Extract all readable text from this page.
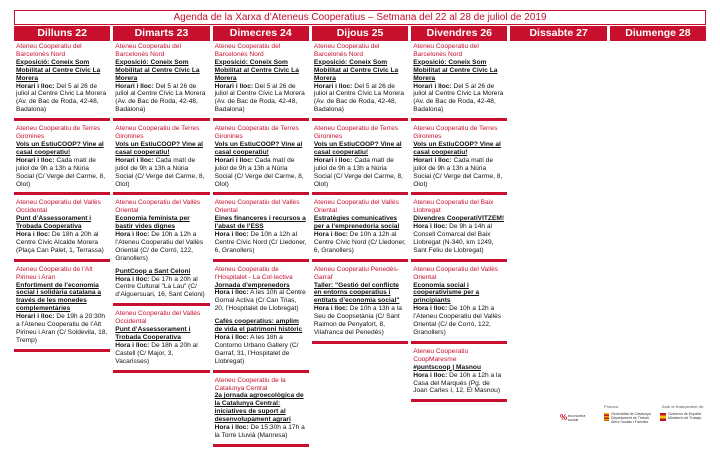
Agenda de la Xarxa d’Ateneus Cooperatius – Setmana del 22 al 28 de juliol de 2019
Dilluns 22
Ateneu Cooperatiu del Barcelonès Nord
Exposició: Coneix Som Mobilitat al Centre Cívic La Morera
Horari i lloc: Del 5 al 26 de juliol al Centre Cívic La Morera (Av. de Bac de Roda, 42-48, Badalona)
Ateneu Cooperatiu de Terres Gironines
Vols un EstiuCOOP? Vine al casal cooperatiu!
Horari i lloc: Cada matí de juliol de 9h a 13h a Núria Social (C/ Verge del Carme, 8, Olot)
Ateneu Cooperatiu del Vallès Occidental
Punt d’Assessorament i Trobada Cooperativa
Hora i lloc: De 18h a 20h al Centre Cívic Alcalde Morera (Plaça Can Palet, 1, Terrassa)
Ateneu Cooperatiu de l’Alt Pirineu i Aran
Enfortiment de l’economia social i solidària catalana a través de les monedes complementàries
Horari i lloc: De 19h a 20:30h a l’Ateneu Cooperatiu de l’Alt Pirineu i Aran (C/ Soldevila, 18, Tremp)
Dimarts 23
Ateneu Cooperatiu del Barcelonès Nord
Exposició: Coneix Som Mobilitat al Centre Cívic La Morera
Horari i lloc: Del 5 al 26 de juliol al Centre Cívic La Morera (Av. de Bac de Roda, 42-48, Badalona)
Ateneu Cooperatiu de Terres Gironines
Vols un EstiuCOOP? Vine al casal cooperatiu!
Horari i lloc: Cada matí de juliol de 9h a 13h a Núria Social (C/ Verge del Carme, 8, Olot)
Ateneu Cooperatiu del Vallès Oriental
Economia feminista per bastir vides dignes
Hora i lloc: De 10h a 12h a l’Ateneu Cooperatiu del Vallès Oriental (C/ de Corró, 122, Granollers)
PuntCoop a Sant Celoni
Hora i lloc: De 17h a 20h al Centre Cultural "La Lau" (C/ d’Alguersuari, 16, Sant Celoni)
Ateneu Cooperatiu del Vallès Occidental
Punt d’Assessorament i Trobada Cooperativa
Hora i lloc: De 18h a 20h al Castell (C/ Major, 3, Vacarisses)
Dimecres 24
Ateneu Cooperatiu del Barcelonès Nord
Exposició: Coneix Som Mobilitat al Centre Cívic La Morera
Horari i lloc: Del 5 al 26 de juliol al Centre Cívic La Morera (Av. de Bac de Roda, 42-48, Badalona)
Ateneu Cooperatiu de Terres Gironines
Vols un EstiuCOOP? Vine al casal cooperatiu!
Horari i lloc: Cada matí de juliol de 9h a 13h a Núria Social (C/ Verge del Carme, 8, Olot)
Ateneu Cooperatiu del Vallès Oriental
Eines financeres i recursos a l’abast de l’ESS
Hora i lloc: De 10h a 12h al Centre Cívic Nord (C/ Lledoner, 6, Granollers)
Ateneu Cooperatiu de l’Hospitalet - La Col·lectiva
Jornada d’emprenedors
Hora i lloc: A les 10h al Centre Gornal Activa (C/ Can Trias, 20, l’Hospitalet de Llobregat)
Cafès cooperatius: amplim de vida el patrimoni històric
Hora i lloc: A les 18h a Contorno Urbano Gallery (C/ Garraf, 31, l’Hospitalet de Llobregat)
Ateneu Cooperatiu de la Catalunya Central
2a jornada agroecològica de la Catalunya Central: iniciatives de suport al desenvolupament agrari
Hora i lloc: De 15:30h a 17h a la Torre Lluvià (Manresa)
Dijous 25
Ateneu Cooperatiu del Barcelonès Nord
Exposició: Coneix Som Mobilitat al Centre Cívic La Morera
Horari i lloc: Del 5 al 26 de juliol al Centre Cívic La Morera (Av. de Bac de Roda, 42-48, Badalona)
Ateneu Cooperatiu de Terres Gironines
Vols un EstiuCOOP? Vine al casal cooperatiu!
Horari i lloc: Cada matí de juliol de 9h a 13h a Núria Social (C/ Verge del Carme, 8, Olot)
Ateneu Cooperatiu del Vallès Oriental
Estratègies comunicatives per a l’emprenedoria social
Hora i lloc: De 10h a 12h al Centre Cívic Nord (C/ Lledoner, 6, Granollers)
Ateneu Cooperatiu Penedès-Garraf
Taller: "Gestió del conflicte en entorns cooperatius i entitats d’economia social"
Hora i lloc: De 10h a 13h a la Seu de Coopsetània (C/ Sant Raimon de Penyafort, 8, Vilafranca del Penedès)
Divendres 26
Ateneu Cooperatiu del Barcelonès Nord
Exposició: Coneix Som Mobilitat al Centre Cívic La Morera
Horari i lloc: Del 5 al 26 de juliol al Centre Cívic La Morera (Av. de Bac de Roda, 42-48, Badalona)
Ateneu Cooperatiu de Terres Gironines
Vols un EstiuCOOP? Vine al casal cooperatiu!
Horari i lloc: Cada matí de juliol de 9h a 13h a Núria Social (C/ Verge del Carme, 8, Olot)
Ateneu Cooperatiu del Baix Llobregat
Divendres CooperatiVITZEM!
Hora i lloc: De 9h a 14h al Consell Comarcal del Baix Llobregat (N-340, km 1249, Sant Feliu de Llobregat)
Ateneu Cooperatiu del Vallès Oriental
Economia social i cooperativisme per a principiants
Hora i lloc: De 10h a 12h a l’Ateneu Cooperatiu del Vallès Oriental (C/ de Corró, 122, Granollers)
Ateneu Cooperatiu CoopMaresme
#puntscoop | Masnou
Hora i lloc: De 10h a 12h a la Casa del Marquès (Pg. de Joan Carles I, 12, El Masnou)
Dissabte 27	Diumenge 28
% economia social
Promou:
Generalitat de Catalunya Departament de Treball, Afers Socials i Famílies
Amb el finançament de:
Gobierno de España Ministerio de Trabajo
